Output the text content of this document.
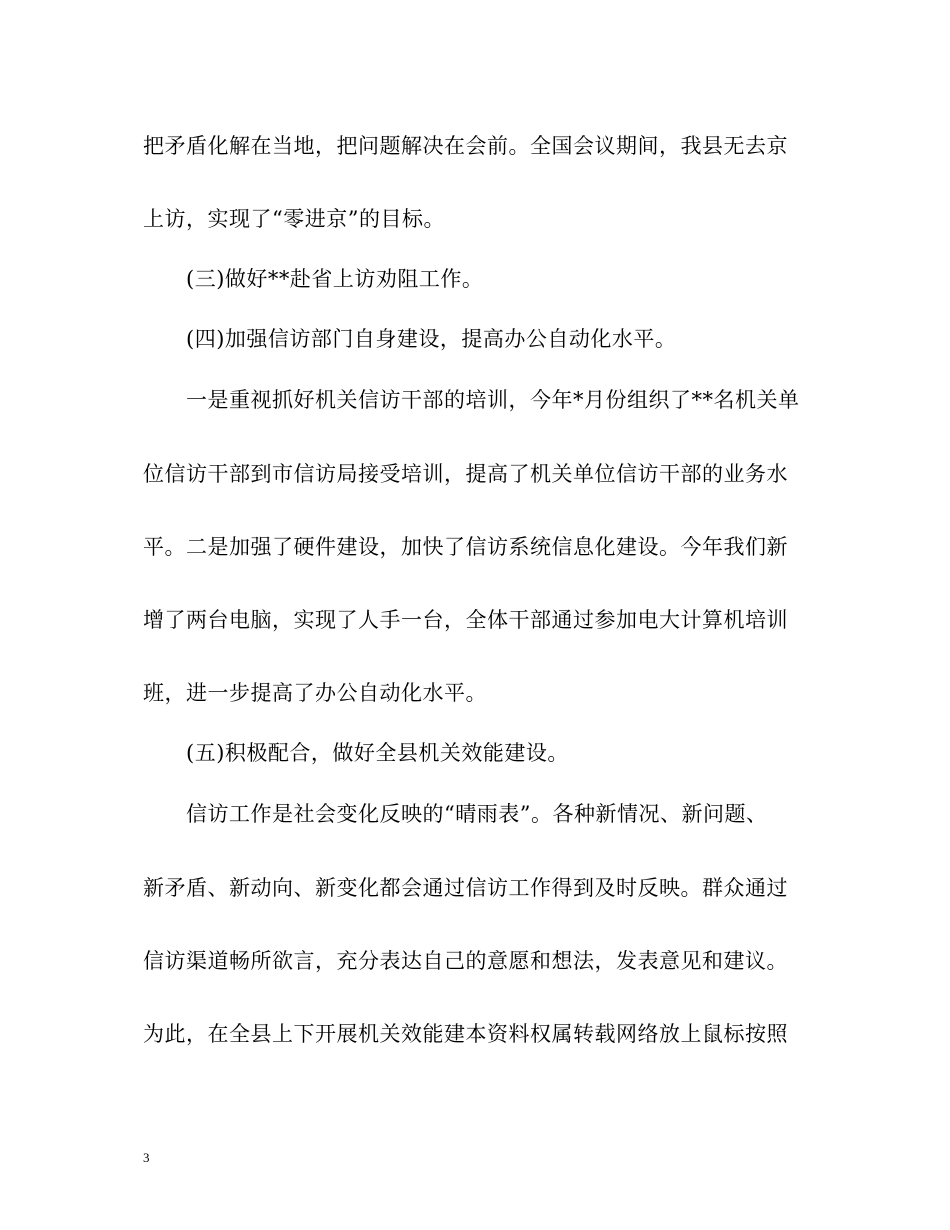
把矛盾化解在当地，把问题解决在会前。全国会议期间，我县无去京
上访，实现了“零进京”的目标。
(三)做好**赴省上访劝阻工作。
(四)加强信访部门自身建设，提高办公自动化水平。
一是重视抓好机关信访干部的培训，今年*月份组织了**名机关单
位信访干部到市信访局接受培训，提高了机关单位信访干部的业务水
平。二是加强了硬件建设，加快了信访系统信息化建设。今年我们新
增了两台电脑，实现了人手一台，全体干部通过参加电大计算机培训
班，进一步提高了办公自动化水平。
(五)积极配合，做好全县机关效能建设。
信访工作是社会变化反映的“晴雨表”。各种新情况、新问题、
新矛盾、新动向、新变化都会通过信访工作得到及时反映。群众通过
信访渠道畅所欲言，充分表达自己的意愿和想法，发表意见和建议。
为此，在全县上下开展机关效能建本资料权属转载网络放上鼠标按照
3
